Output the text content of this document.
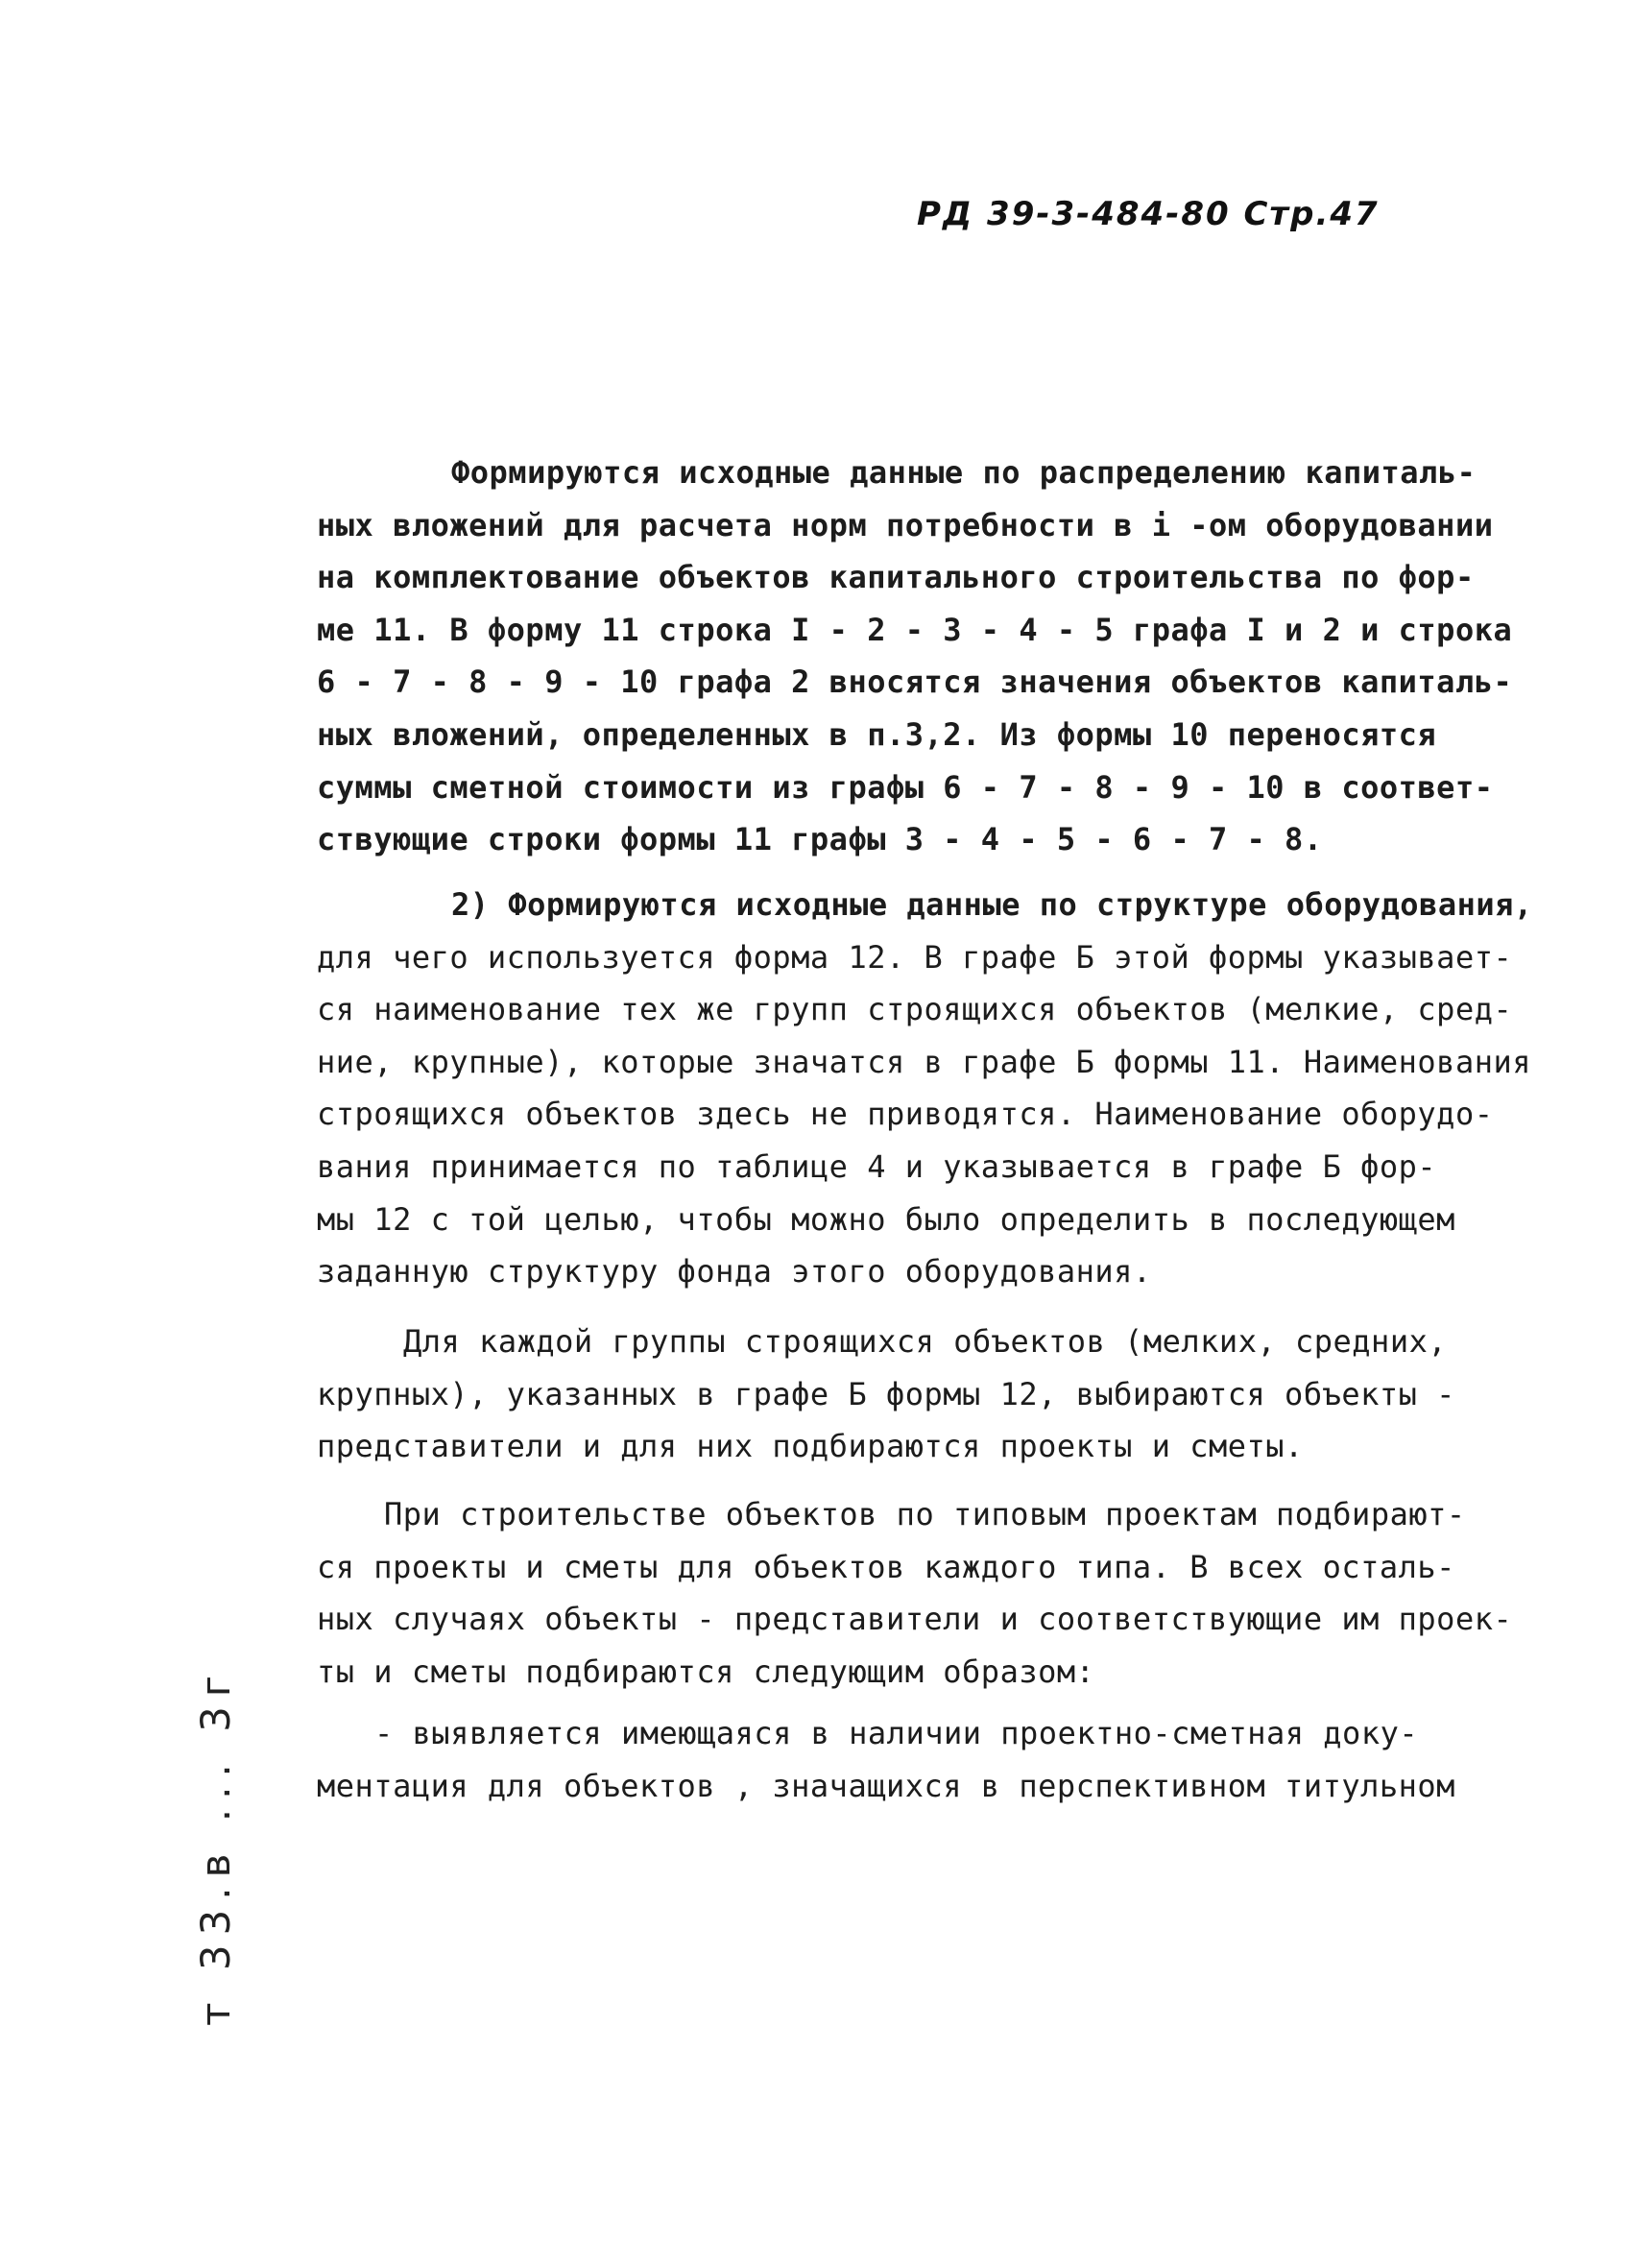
РД 39-3-484-80 Стр.47
Формируются исходные данные по распределению капиталь-
ных вложений для расчета норм потребности в i -ом оборудовании
на комплектование объектов капитального строительства по фор-
ме 11. В форму 11 строка I - 2 - 3 - 4 - 5 графа I и 2 и строка
6 - 7 - 8 - 9 - 10 графа 2 вносятся значения объектов капиталь-
ных вложений, определенных в п.3,2. Из формы 10 переносятся
суммы сметной стоимости из графы 6 - 7 - 8 - 9 - 10 в соответ-
ствующие строки формы 11 графы 3 - 4 - 5 - 6 - 7 - 8.
2) Формируются исходные данные по структуре оборудования,
для чего используется форма 12. В графе Б этой формы указывает-
ся наименование тех же групп строящихся объектов (мелкие, сред-
ние, крупные), которые значатся в графе Б формы 11. Наименования
строящихся объектов здесь не приводятся. Наименование оборудо-
вания принимается по таблице 4 и указывается в графе Б фор-
мы 12 с той целью, чтобы можно было определить в последующем
заданную структуру фонда этого оборудования.
Для каждой группы строящихся объектов (мелких, средних,
крупных), указанных в графе Б формы 12, выбираются объекты -
представители и для них подбираются проекты и сметы.
При строительстве объектов по типовым проектам подбирают-
ся проекты и сметы для объектов каждого типа. В всех осталь-
ных случаях объекты - представители и соответствующие им проек-
ты и сметы подбираются следующим образом:
- выявляется имеющаяся в наличии проектно-сметная доку-
ментация для объектов , значащихся в перспективном титульном
т 33.в ... 3г
